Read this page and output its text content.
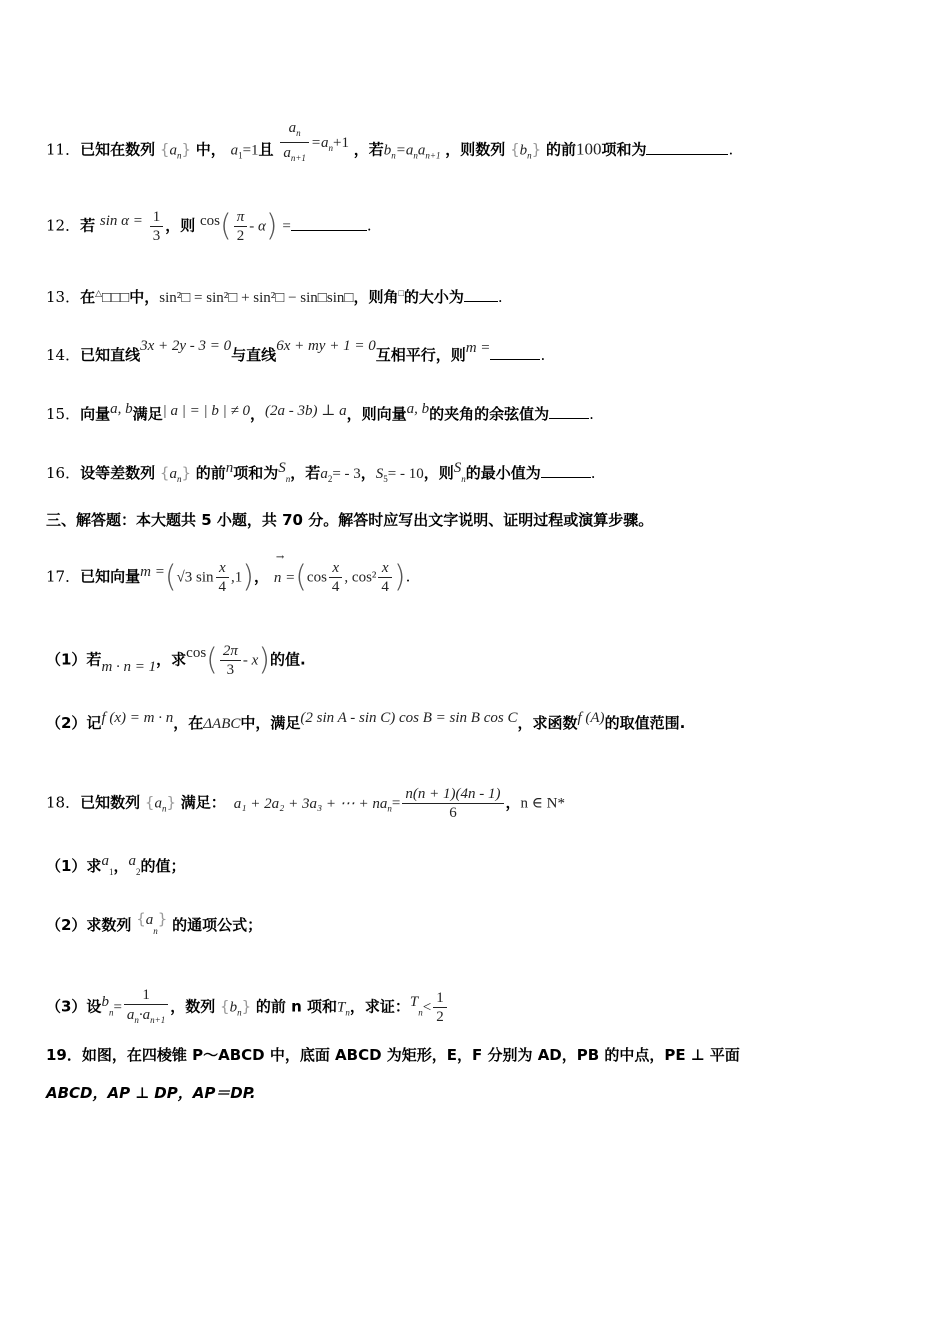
11．已知在数列 $\{a_n\}$ 中， $a_1=1$且 $\frac{a_n}{a_{n+1}} =a_n+1$ ，若$b_n=a_na_{n+1}$ ，则数列 $\{b_n\}$ 的前100项和为	.
12．若 $\sin \alpha = \frac{1}{3}$ ，则 $\cos( \frac{\pi}{2} - \alpha)$ =	.
13．在△□□□中，sin²□ = sin²□ + sin²□ − sin□sin□，则角□的大小为 .
14．已知直线3x + 2y - 3 = 0与直线6x + my + 1 = 0互相平行，则m =	.
15．向量a, b满足| a | = | b | ≠ 0，(2a - 3b) ⊥ a，则向量a, b的夹角的余弦值为	.
16．设等差数列 $\{a_n\}$ 的前n项和为$S_n$，若$a_2= - 3$，$S_5= - 10$，则$S_n$的最小值为	.
三、解答题：本大题共 5 小题，共 70 分。解答时应写出文字说明、证明过程或演算步骤。
17．已知向量m =(√3 $\sin \frac{x}{4} ,1$)，
→
$n =(\cos \frac{x}{4}$ , $\cos^2 \frac{x}{4}$ ).
（1）若m · n = 1，求$\cos( \frac{2\pi}{3} - x)$的值.
（2）记f (x) = m · n，在ΔABC中，满足(2 sin A - sin C) cos B = sin B cos C，求函数f (A)的取值范围.
18．已知数列 $\{a_n\}$ 满足： a₁ + 2a₂ + 3a₃ + ⋯ + $na_n= \frac{n(n + 1)(4n - 1)}{6}$ ，n ∈ N*
（1）求$a_1$，$a_2$的值；
（2）求数列 $\{a_n\}$ 的通项公式；
（3）设$b_n= \frac{1}{a_n\cdot a_{n+1}}$ ，数列 $\{b_n\}$ 的前 n 项和$T_n$，求证：$T_n< \frac{1}{2}$
19．如图，在四棱锥 P～ABCD 中，底面 ABCD 为矩形，E，F 分别为 AD，PB 的中点，PE ⊥ 平面
ABCD，AP ⊥ DP，AP＝DP.
